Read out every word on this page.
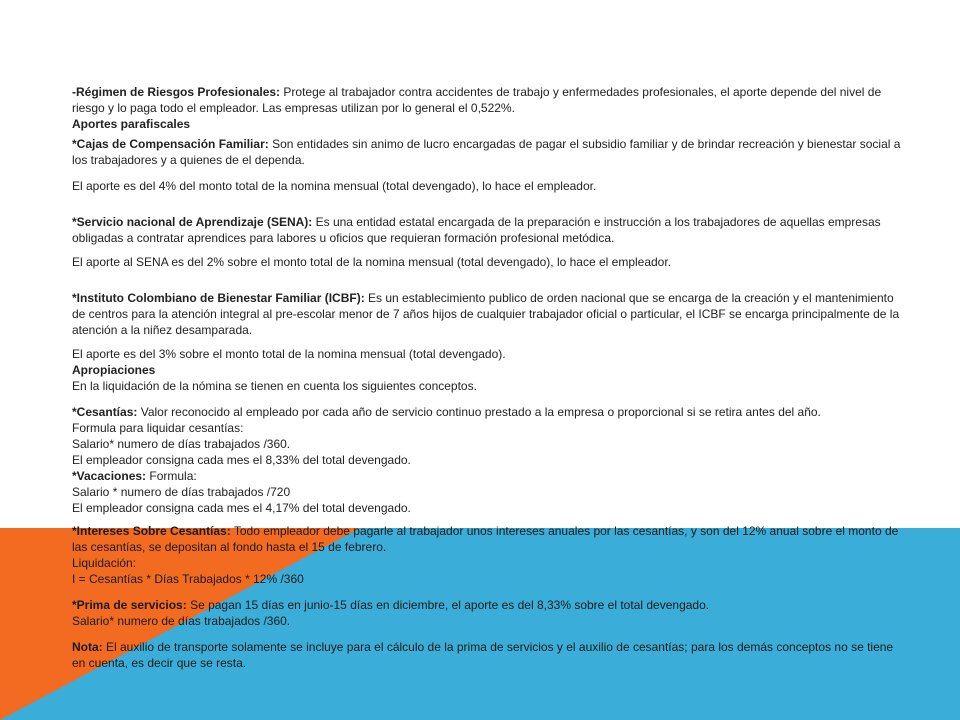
-Régimen de Riesgos Profesionales: Protege al trabajador contra accidentes de trabajo y enfermedades profesionales, el aporte depende del nivel de riesgo y lo paga todo el empleador. Las empresas utilizan por lo general el 0,522%.

Aportes parafiscales

*Cajas de Compensación Familiar: Son entidades sin animo de lucro encargadas de pagar el subsidio familiar y de brindar recreación y bienestar social a los trabajadores y a quienes de el dependa.

El aporte es del 4% del monto total de la nomina mensual (total devengado), lo hace el empleador.

*Servicio nacional de Aprendizaje (SENA): Es una entidad estatal encargada de la preparación e instrucción a los trabajadores de aquellas empresas obligadas a contratar aprendices para labores u oficios que requieran formación profesional metódica.

El aporte al SENA es del 2% sobre el monto total de la nomina mensual (total devengado), lo hace el empleador.

*Instituto Colombiano de Bienestar Familiar (ICBF): Es un establecimiento publico de orden nacional que se encarga de la creación y el mantenimiento de centros para la atención integral al pre-escolar menor de 7 años hijos de cualquier trabajador oficial o particular, el ICBF se encarga principalmente de la atención a la niñez desamparada.

El aporte es del 3% sobre el monto total de la nomina mensual (total devengado).

Apropiaciones

En la liquidación de la nómina se tienen en cuenta los siguientes conceptos.

*Cesantías: Valor reconocido al empleado por cada año de servicio continuo prestado a la empresa o proporcional si se retira antes del año.

Formula para liquidar cesantías:

Salario* numero de días trabajados /360.

El empleador consigna cada mes el 8,33% del total devengado.

*Vacaciones: Formula:

Salario * numero de días trabajados /720

El empleador consigna cada mes el 4,17% del total devengado.

*Intereses Sobre Cesantías: Todo empleador debe pagarle al trabajador unos intereses anuales por las cesantías, y son del 12% anual sobre el monto de las cesantías, se depositan al fondo hasta el 15 de febrero.

Liquidación:

I = Cesantías * Días Trabajados * 12% /360

*Prima de servicios: Se pagan 15 días en junio-15 días en diciembre, el aporte es del 8,33% sobre el total devengado.

Salario* numero de días trabajados /360.

Nota: El auxilio de transporte solamente se incluye para el cálculo de la prima de servicios y el auxilio de cesantías; para los demás conceptos no se tiene en cuenta, es decir que se resta.
